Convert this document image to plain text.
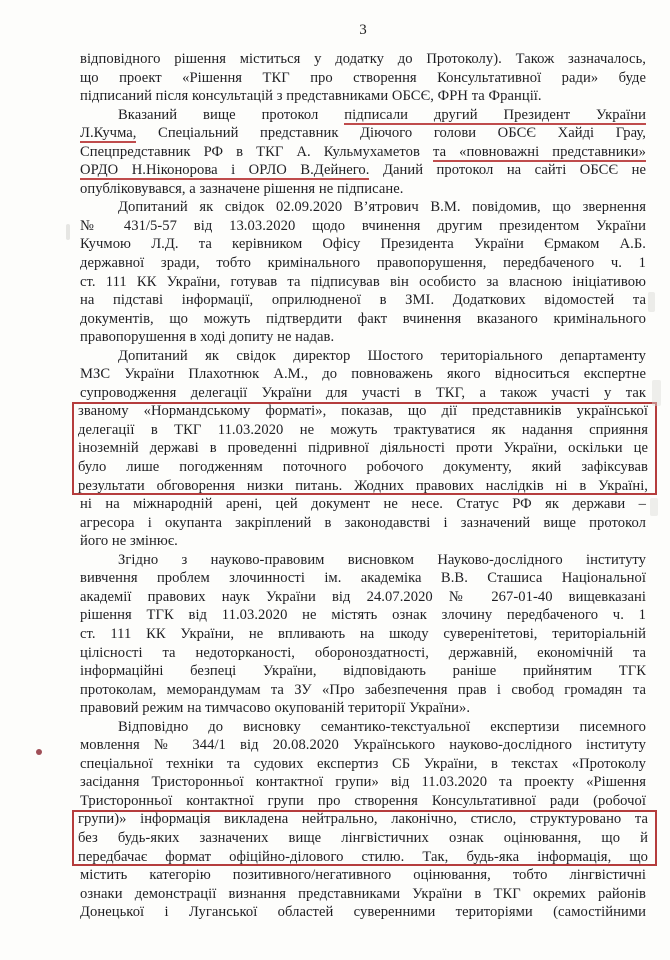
3
відповідного рішення міститься у додатку до Протоколу). Також зазначалось,
що проект «Рішення ТКГ про створення Консультативної ради» буде
підписаний після консультацій з представниками ОБСЄ, ФРН та Франції.
Вказаний вище протокол підписали другий Президент України
Л.Кучма, Спеціальний представник Діючого голови ОБСЄ Хайді Грау,
Спецпредставник РФ в ТКГ А. Кульмухаметов та «повноважні представники»
ОРДО Н.Ніконорова і ОРЛО В.Дейнего. Даний протокол на сайті ОБСЄ не
опубліковувався, а зазначене рішення не підписане.
Допитаний як свідок 02.09.2020 В’ятрович В.М. повідомив, що звернення
№ 431/5-57 від 13.03.2020 щодо вчинення другим президентом України
Кучмою Л.Д. та керівником Офісу Президента України Єрмаком А.Б.
державної зради, тобто кримінального правопорушення, передбаченого ч. 1
ст. 111 КК України, готував та підписував він особисто за власною ініціативою
на підставі інформації, оприлюдненої в ЗМІ. Додаткових відомостей та
документів, що можуть підтвердити факт вчинення вказаного кримінального
правопорушення в ході допиту не надав.
Допитаний як свідок директор Шостого територіального департаменту
МЗС України Плахотнюк А.М., до повноважень якого відноситься експертне
супроводження делегації України для участі в ТКГ, а також участі у так
званому «Нормандському форматі», показав, що дії представників української
делегації в ТКГ 11.03.2020 не можуть трактуватися як надання сприяння
іноземній державі в проведенні підривної діяльності проти України, оскільки це
було лише погодженням поточного робочого документу, який зафіксував
результати обговорення низки питань. Жодних правових наслідків ні в Україні,
ні на міжнародній арені, цей документ не несе. Статус РФ як держави –
агресора і окупанта закріплений в законодавстві і зазначений вище протокол
його не змінює.
Згідно з науково-правовим висновком Науково-дослідного інституту
вивчення проблем злочинності ім. академіка В.В. Сташиса Національної
академії правових наук України від 24.07.2020 № 267-01-40 вищевказані
рішення ТГК від 11.03.2020 не містять ознак злочину передбаченого ч. 1
ст. 111 КК України, не впливають на шкоду суверенітетові, територіальній
цілісності та недоторканості, обороноздатності, державній, економічній та
інформаційні безпеці України, відповідають раніше прийнятим ТГК
протоколам, меморандумам та ЗУ «Про забезпечення прав і свобод громадян та
правовий режим на тимчасово окупованій території України».
Відповідно до висновку семантико-текстуальної експертизи писемного
мовлення № 344/1 від 20.08.2020 Українського науково-дослідного інституту
спеціальної техніки та судових експертиз СБ України, в текстах «Протоколу
засідання Тристоронньої контактної групи» від 11.03.2020 та проекту «Рішення
Тристоронньої контактної групи про створення Консультативної ради (робочої
групи)» інформація викладена нейтрально, лаконічно, стисло, структуровано та
без будь-яких зазначених вище лінгвістичних ознак оцінювання, що й
передбачає формат офіційно-ділового стилю. Так, будь-яка інформація, що
містить категорію позитивного/негативного оцінювання, тобто лінгвістичні
ознаки демонстрації визнання представниками України в ТКГ окремих районів
Донецької і Луганської областей суверенними територіями (самостійними
